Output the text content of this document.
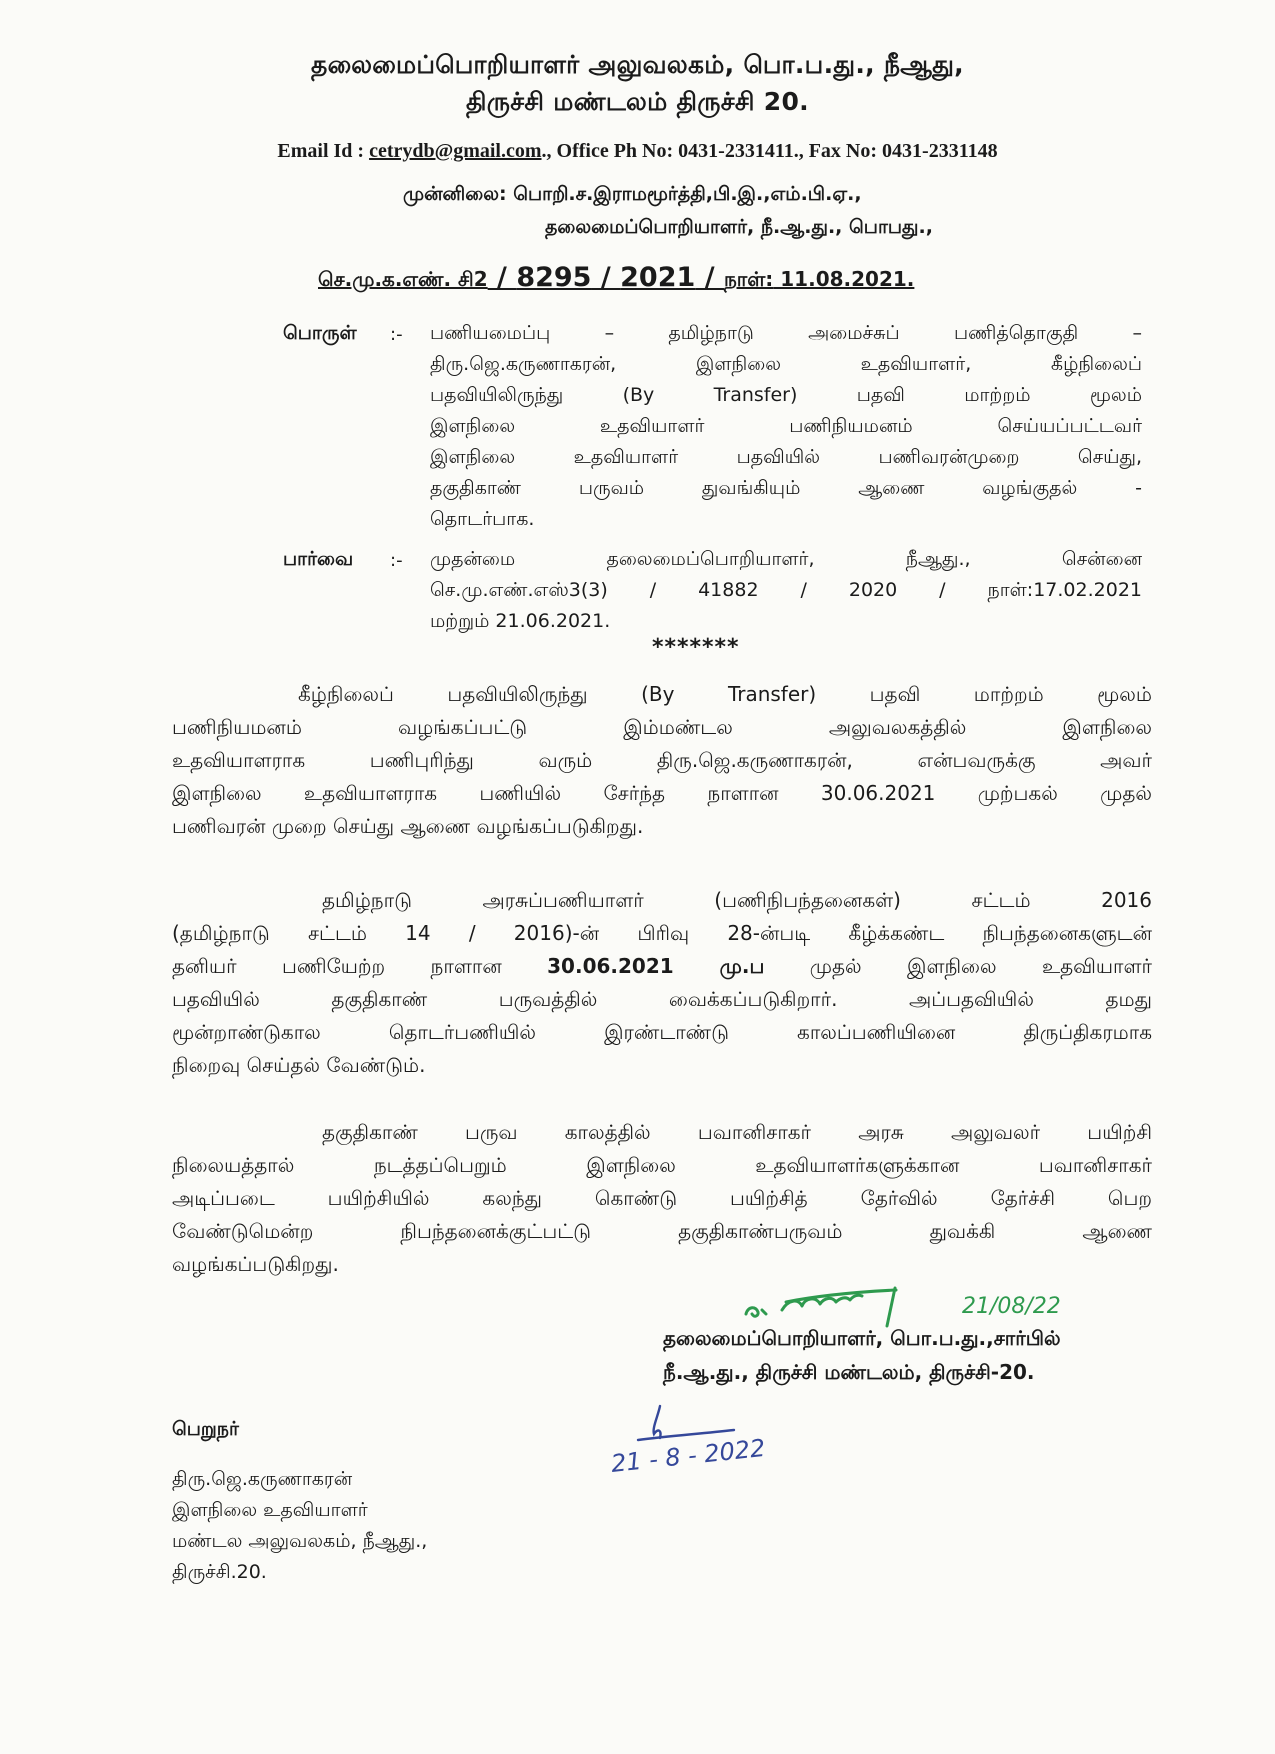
தலைமைப்பொறியாளர் அலுவலகம், பொ.ப.து., நீஆது,
திருச்சி மண்டலம் திருச்சி 20.
Email Id : cetrydb@gmail.com., Office Ph No: 0431-2331411., Fax No: 0431-2331148
முன்னிலை: பொறி.ச.இராமமூர்த்தி,பி.இ.,எம்.பி.ஏ.,
தலைமைப்பொறியாளர், நீ.ஆ.து., பொபது.,
செ.மு.க.எண். சி2 / 8295 / 2021 / நாள்: 11.08.2021.
பொருள் :- பணியமைப்பு – தமிழ்நாடு அமைச்சுப் பணித்தொகுதி –
திரு.ஜெ.கருணாகரன், இளநிலை உதவியாளர், கீழ்நிலைப்
பதவியிலிருந்து (By Transfer) பதவி மாற்றம் மூலம்
இளநிலை உதவியாளர் பணிநியமனம் செய்யப்பட்டவர்
இளநிலை உதவியாளர் பதவியில் பணிவரன்முறை செய்து,
தகுதிகாண் பருவம் துவங்கியும் ஆணை வழங்குதல் -
தொடர்பாக.
பார்வை :- முதன்மை தலைமைப்பொறியாளர், நீஆது., சென்னை
செ.மு.எண்.எஸ்3(3) / 41882 / 2020 / நாள்:17.02.2021
மற்றும் 21.06.2021.
*******
கீழ்நிலைப் பதவியிலிருந்து (By Transfer) பதவி மாற்றம் மூலம்
பணிநியமனம் வழங்கப்பட்டு இம்மண்டல அலுவலகத்தில் இளநிலை
உதவியாளராக பணிபுரிந்து வரும் திரு.ஜெ.கருணாகரன், என்பவருக்கு அவர்
இளநிலை உதவியாளராக பணியில் சேர்ந்த நாளான 30.06.2021 முற்பகல் முதல்
பணிவரன் முறை செய்து ஆணை வழங்கப்படுகிறது.
தமிழ்நாடு அரசுப்பணியாளர் (பணிநிபந்தனைகள்) சட்டம் 2016
(தமிழ்நாடு சட்டம் 14 / 2016)-ன் பிரிவு 28-ன்படி கீழ்க்கண்ட நிபந்தனைகளுடன்
தனியர் பணியேற்ற நாளான 30.06.2021 மு.ப முதல் இளநிலை உதவியாளர்
பதவியில் தகுதிகாண் பருவத்தில் வைக்கப்படுகிறார். அப்பதவியில் தமது
மூன்றாண்டுகால தொடர்பணியில் இரண்டாண்டு காலப்பணியினை திருப்திகரமாக
நிறைவு செய்தல் வேண்டும்.
தகுதிகாண் பருவ காலத்தில் பவானிசாகர் அரசு அலுவலர் பயிற்சி
நிலையத்தால் நடத்தப்பெறும் இளநிலை உதவியாளர்களுக்கான பவானிசாகர்
அடிப்படை பயிற்சியில் கலந்து கொண்டு பயிற்சித் தேர்வில் தேர்ச்சி பெற
வேண்டுமென்ற நிபந்தனைக்குட்பட்டு தகுதிகாண்பருவம் துவக்கி ஆணை
வழங்கப்படுகிறது.
21/08/22
தலைமைப்பொறியாளர், பொ.ப.து.,சார்பில்
நீ.ஆ.து., திருச்சி மண்டலம், திருச்சி-20.
21 - 8 - 2022
பெறுநர்
திரு.ஜெ.கருணாகரன்
இளநிலை உதவியாளர்
மண்டல அலுவலகம், நீஆது.,
திருச்சி.20.
